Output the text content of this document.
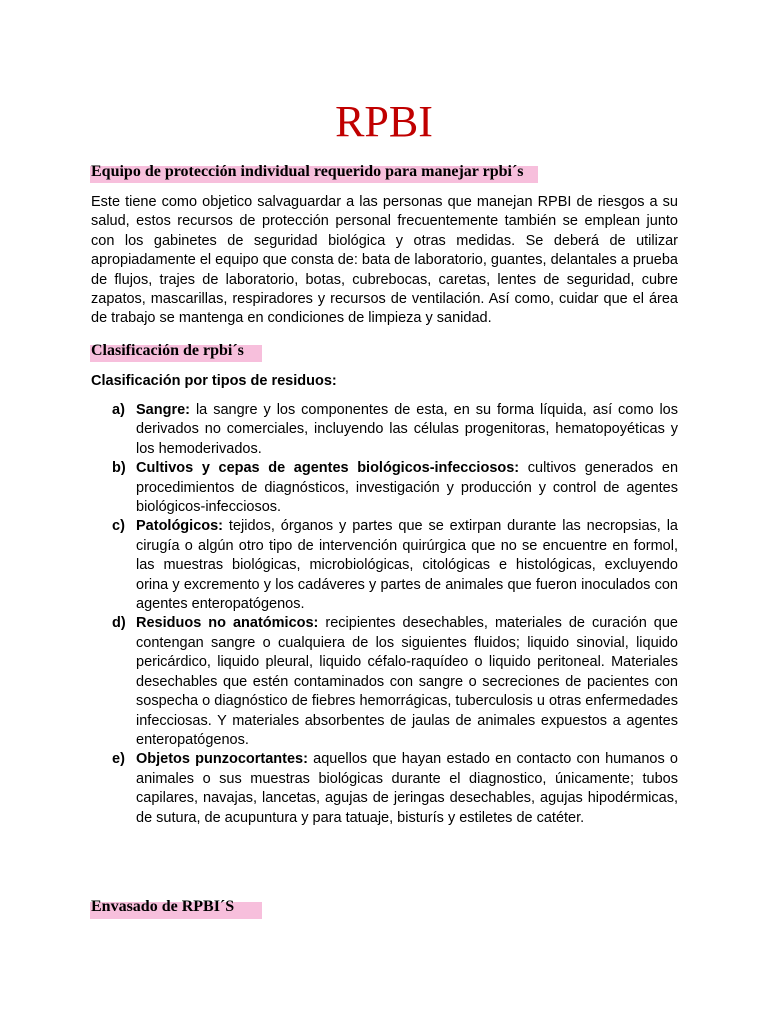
RPBI
Equipo de protección individual requerido para manejar rpbi´s

Este tiene como objetico salvaguardar a las personas que manejan RPBI de riesgos a su salud, estos recursos de protección personal frecuentemente también se emplean junto con los gabinetes de seguridad biológica y otras medidas. Se deberá de utilizar apropiadamente el equipo que consta de: bata de laboratorio, guantes, delantales a prueba de flujos, trajes de laboratorio, botas, cubrebocas, caretas, lentes de seguridad, cubre zapatos, mascarillas, respiradores y recursos de ventilación. Así como, cuidar que el área de trabajo se mantenga en condiciones de limpieza y sanidad.

Clasificación de rpbi´s

Clasificación por tipos de residuos:

a) Sangre: la sangre y los componentes de esta, en su forma líquida, así como los derivados no comerciales, incluyendo las células progenitoras, hematopoyéticas y los hemoderivados.
b) Cultivos y cepas de agentes biológicos-infecciosos: cultivos generados en procedimientos de diagnósticos, investigación y producción y control de agentes biológicos-infecciosos.
c) Patológicos: tejidos, órganos y partes que se extirpan durante las necropsias, la cirugía o algún otro tipo de intervención quirúrgica que no se encuentre en formol, las muestras biológicas, microbiológicas, citológicas e histológicas, excluyendo orina y excremento y los cadáveres y partes de animales que fueron inoculados con agentes enteropatógenos.
d) Residuos no anatómicos: recipientes desechables, materiales de curación que contengan sangre o cualquiera de los siguientes fluidos; liquido sinovial, liquido pericárdico, liquido pleural, liquido céfalo-raquídeo o liquido peritoneal. Materiales desechables que estén contaminados con sangre o secreciones de pacientes con sospecha o diagnóstico de fiebres hemorrágicas, tuberculosis u otras enfermedades infecciosas. Y materiales absorbentes de jaulas de animales expuestos a agentes enteropatógenos.
e) Objetos punzocortantes: aquellos que hayan estado en contacto con humanos o animales o sus muestras biológicas durante el diagnostico, únicamente; tubos capilares, navajas, lancetas, agujas de jeringas desechables, agujas hipodérmicas, de sutura, de acupuntura y para tatuaje, bisturís y estiletes de catéter.
Envasado de RPBI´S
